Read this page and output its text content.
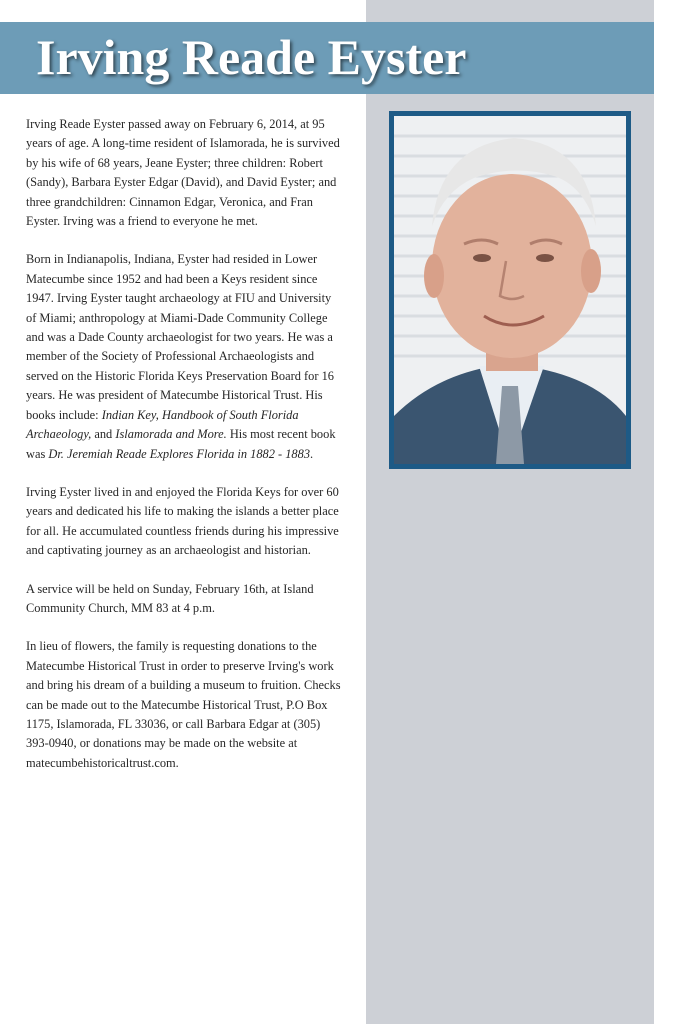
Irving Reade Eyster

Irving Reade Eyster passed away on February 6, 2014, at 95 years of age. A long-time resident of Islamorada, he is survived by his wife of 68 years, Jeane Eyster; three children: Robert (Sandy), Barbara Eyster Edgar (David), and David Eyster; and three grandchildren: Cinnamon Edgar, Veronica, and Fran Eyster. Irving was a friend to everyone he met.

Born in Indianapolis, Indiana, Eyster had resided in Lower Matecumbe since 1952 and had been a Keys resident since 1947. Irving Eyster taught archaeology at FIU and University of Miami; anthropology at Miami-Dade Community College and was a Dade County archaeologist for two years. He was a member of the Society of Professional Archaeologists and served on the Historic Florida Keys Preservation Board for 16 years. He was president of Matecumbe Historical Trust. His books include: Indian Key, Handbook of South Florida Archaeology, and Islamorada and More. His most recent book was Dr. Jeremiah Reade Explores Florida in 1882 - 1883.

Irving Eyster lived in and enjoyed the Florida Keys for over 60 years and dedicated his life to making the islands a better place for all. He accumulated countless friends during his impressive and captivating journey as an archaeologist and historian.

A service will be held on Sunday, February 16th, at Island Community Church, MM 83 at 4 p.m.

In lieu of flowers, the family is requesting donations to the Matecumbe Historical Trust in order to preserve Irving's work and bring his dream of a building a museum to fruition. Checks can be made out to the Matecumbe Historical Trust, P.O Box 1175, Islamorada, FL 33036, or call Barbara Edgar at (305) 393-0940, or donations may be made on the website at matecumbehistoricaltrust.com.
